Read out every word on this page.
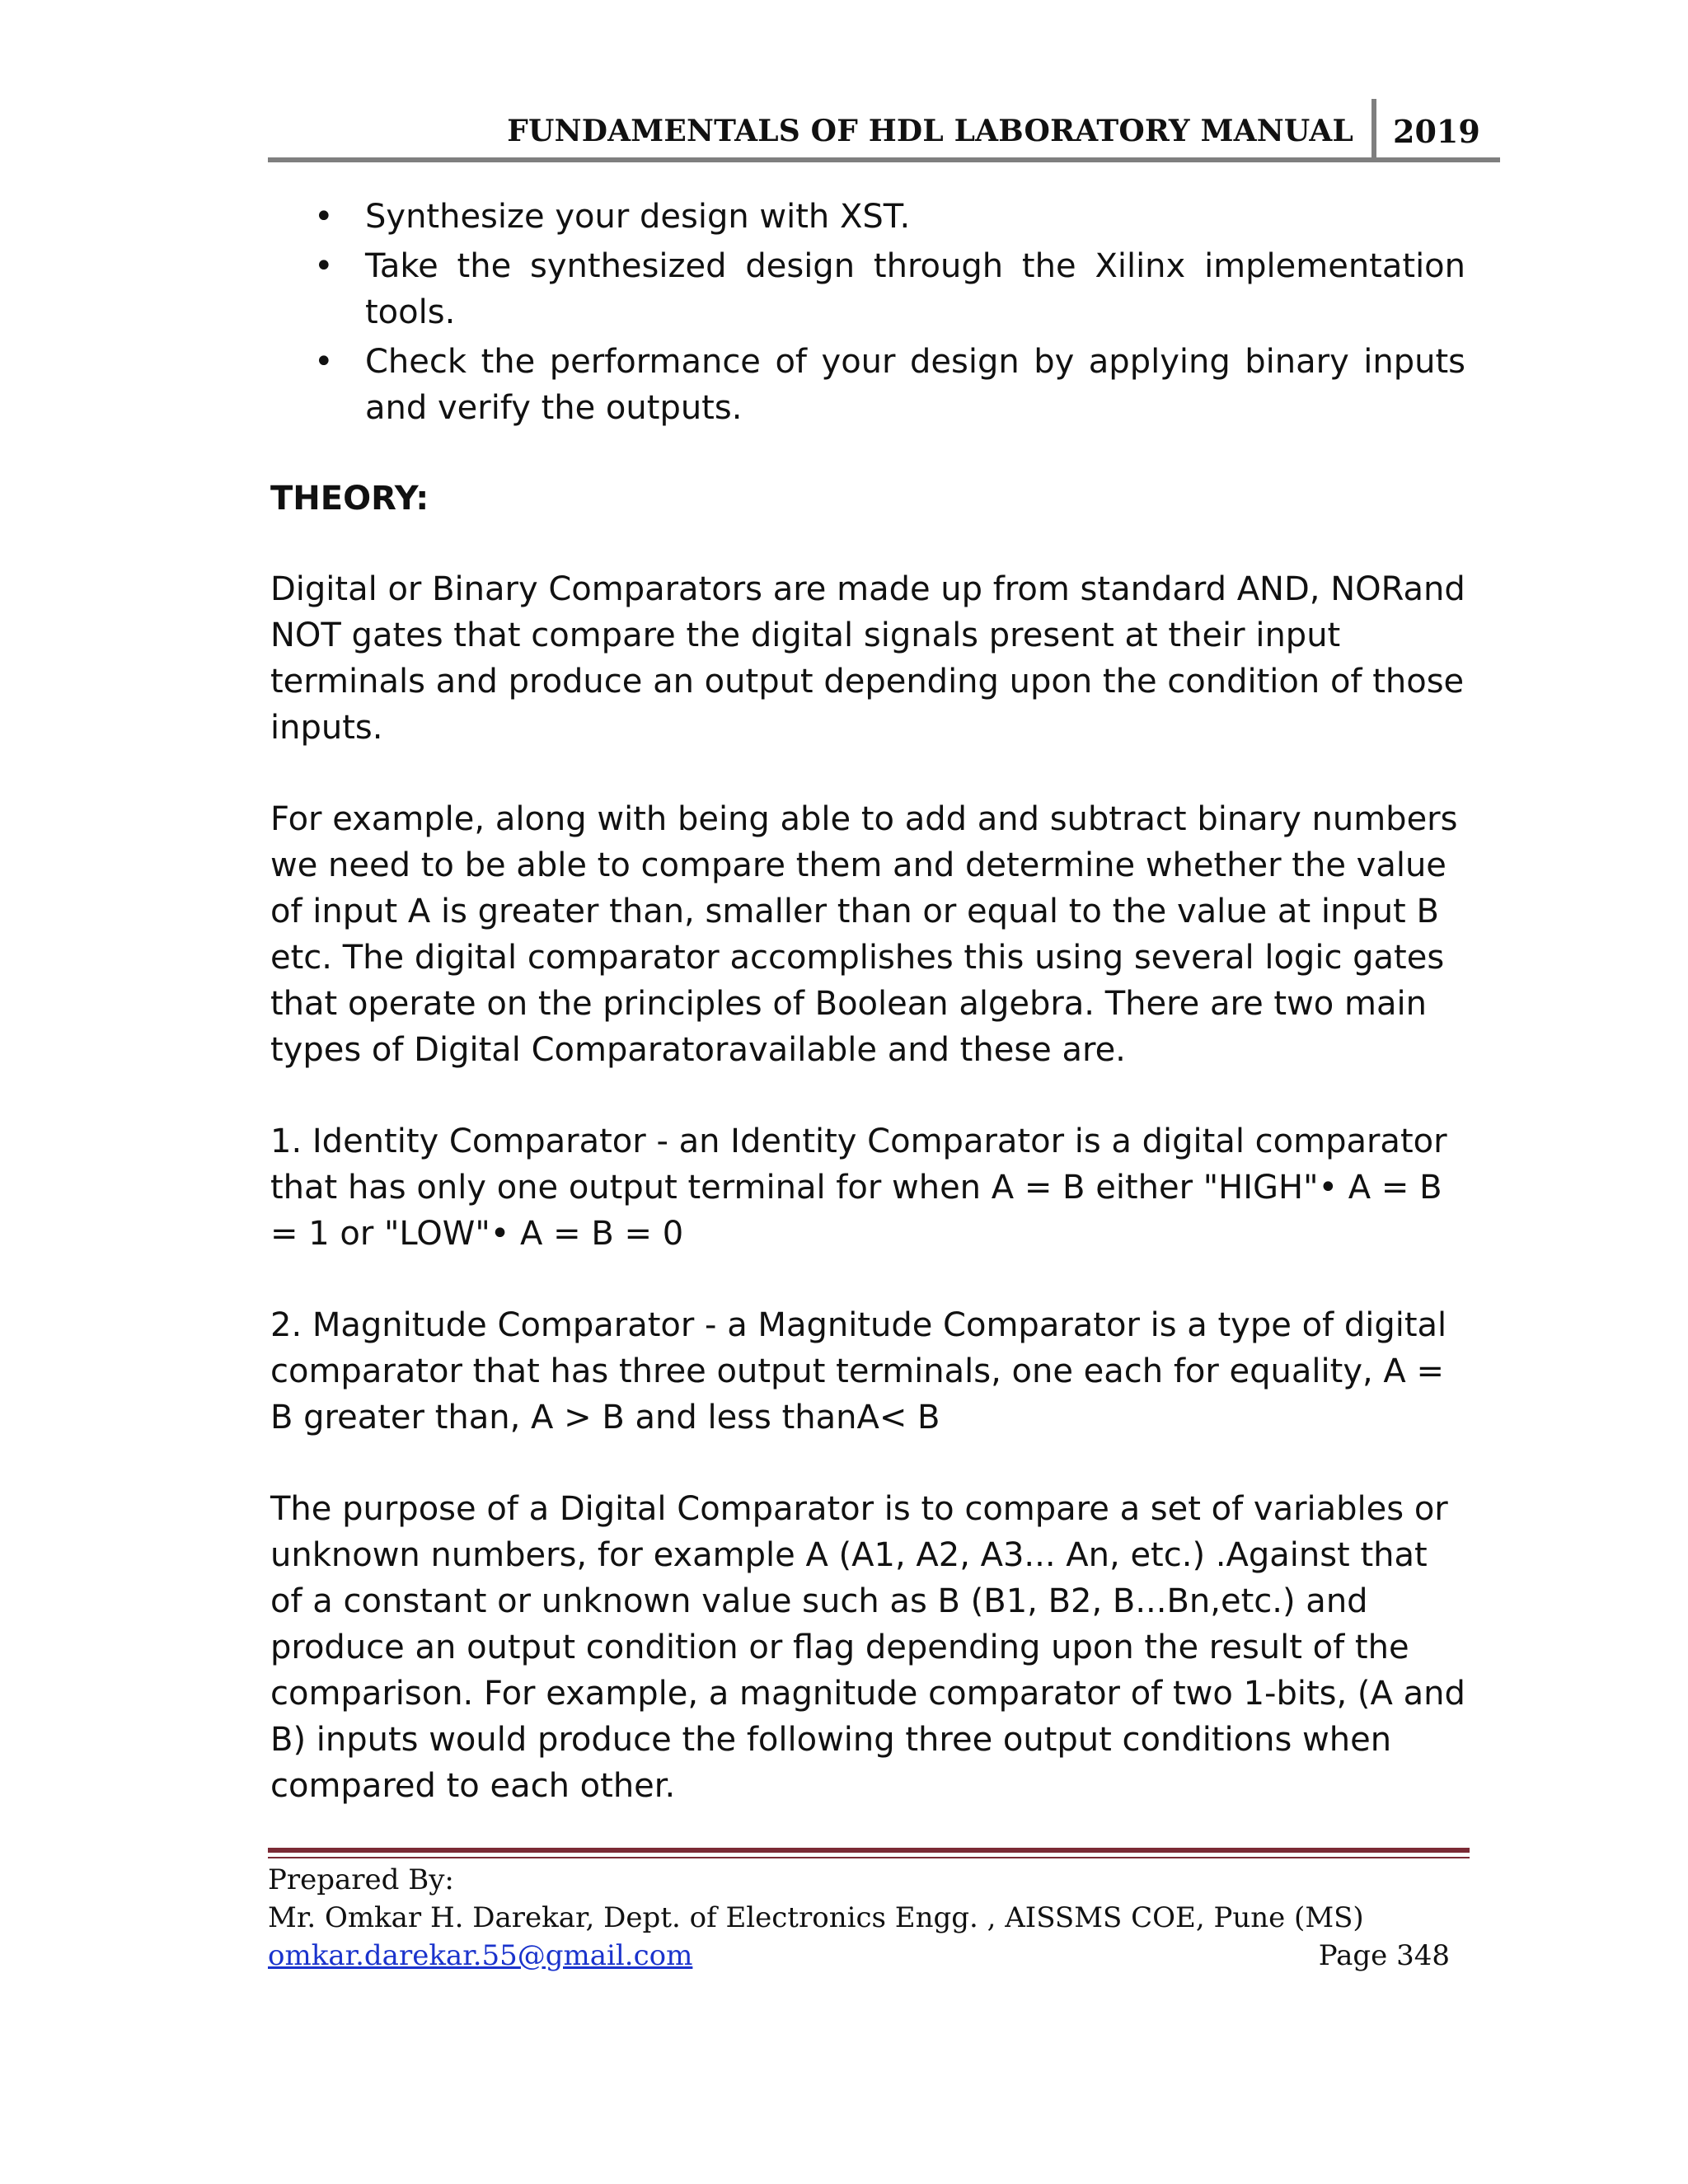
FUNDAMENTALS OF HDL LABORATORY MANUAL	2019
• Synthesize your design with XST.
• Take the synthesized design through the Xilinx implementation tools.
• Check the performance of your design by applying binary inputs and verify the outputs.
THEORY:

Digital or Binary Comparators are made up from standard AND, NORand NOT gates that compare the digital signals present at their input terminals and produce an output depending upon the condition of those inputs.

For example, along with being able to add and subtract binary numbers we need to be able to compare them and determine whether the value of input A is greater than, smaller than or equal to the value at input B etc. The digital comparator accomplishes this using several logic gates that operate on the principles of Boolean algebra. There are two main types of Digital Comparatoravailable and these are.

1. Identity Comparator - an Identity Comparator is a digital comparator that has only one output terminal for when A = B either "HIGH"• A = B = 1 or "LOW"• A = B = 0

2. Magnitude Comparator - a Magnitude Comparator is a type of digital comparator that has three output terminals, one each for equality, A = B greater than, A > B and less thanA< B

The purpose of a Digital Comparator is to compare a set of variables or unknown numbers, for example A (A1, A2, A3... An, etc.) .Against that of a constant or unknown value such as B (B1, B2, B...Bn,etc.) and produce an output condition or flag depending upon the result of the comparison. For example, a magnitude comparator of two 1-bits, (A and B) inputs would produce the following three output conditions when compared to each other.

Prepared By:
Mr. Omkar H. Darekar, Dept. of Electronics Engg. , AISSMS COE, Pune (MS)
omkar.darekar.55@gmail.com	Page 348
